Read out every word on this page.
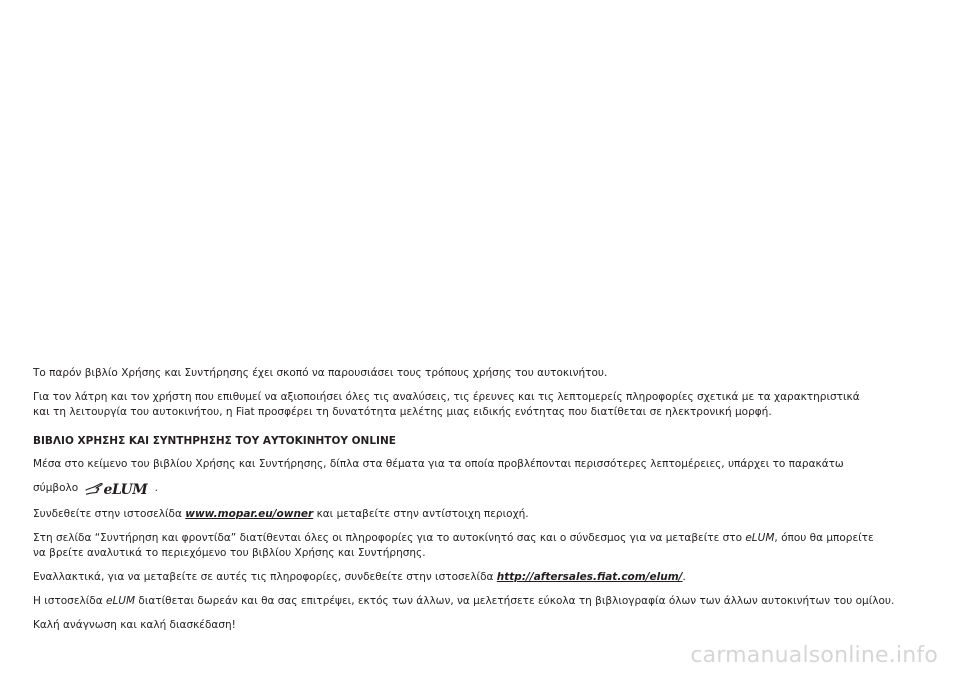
Το παρόν βιβλίο Χρήσης και Συντήρησης έχει σκοπό να παρουσιάσει τους τρόπους χρήσης του αυτοκινήτου.

Για τον λάτρη και τον χρήστη που επιθυμεί να αξιοποιήσει όλες τις αναλύσεις, τις έρευνες και τις λεπτομερείς πληροφορίες σχετικά με τα χαρακτηριστικά
και τη λειτουργία του αυτοκινήτου, η Fiat προσφέρει τη δυνατότητα μελέτης μιας ειδικής ενότητας που διατίθεται σε ηλεκτρονική μορφή.

ΒΙΒΛΙΟ ΧΡΗΣΗΣ ΚΑΙ ΣΥΝΤΗΡΗΣΗΣ ΤΟΥ ΑΥΤΟΚΙΝΗΤΟΥ ONLINE

Μέσα στο κείμενο του βιβλίου Χρήσης και Συντήρησης, δίπλα στα θέματα για τα οποία προβλέπονται περισσότερες λεπτομέρειες, υπάρχει το παρακάτω

σύμβολο eLUM .

Συνδεθείτε στην ιστοσελίδα www.mopar.eu/owner και μεταβείτε στην αντίστοιχη περιοχή.

Στη σελίδα “Συντήρηση και φροντίδα” διατίθενται όλες οι πληροφορίες για το αυτοκίνητό σας και ο σύνδεσμος για να μεταβείτε στο eLUM, όπου θα μπορείτε
να βρείτε αναλυτικά το περιεχόμενο του βιβλίου Χρήσης και Συντήρησης.

Εναλλακτικά, για να μεταβείτε σε αυτές τις πληροφορίες, συνδεθείτε στην ιστοσελίδα http://aftersales.fiat.com/elum/.

Η ιστοσελίδα eLUM διατίθεται δωρεάν και θα σας επιτρέψει, εκτός των άλλων, να μελετήσετε εύκολα τη βιβλιογραφία όλων των άλλων αυτοκινήτων του ομίλου.

Καλή ανάγνωση και καλή διασκέδαση!

carmanualsonline.info
